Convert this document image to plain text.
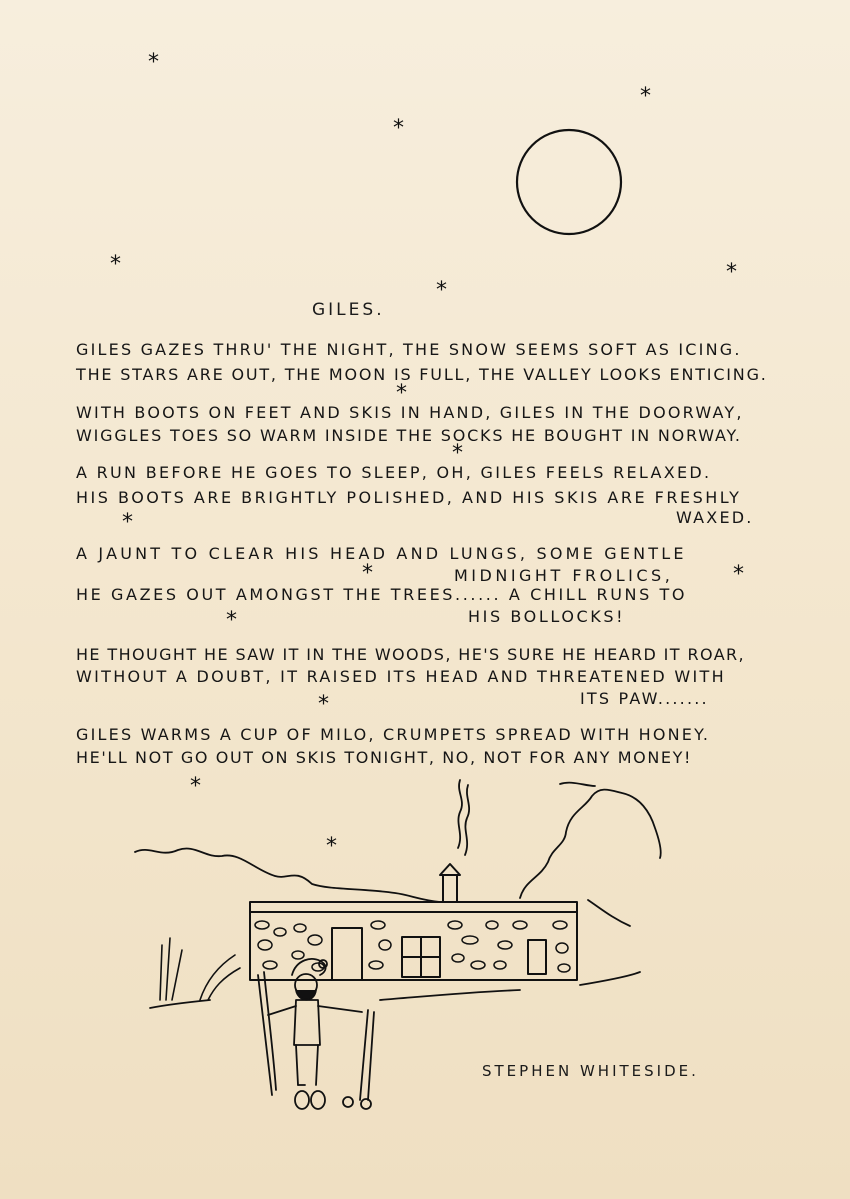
*
*
*
*	*
*
*
*
*
*	*
*
*
*
*
GILES.
GILES GAZES THRU' THE NIGHT, THE SNOW SEEMS SOFT AS ICING.
THE STARS ARE OUT, THE MOON IS FULL, THE VALLEY LOOKS ENTICING.
WITH BOOTS ON FEET AND SKIS IN HAND, GILES IN THE DOORWAY,
WIGGLES TOES SO WARM INSIDE THE SOCKS HE BOUGHT IN NORWAY.
A RUN BEFORE HE GOES TO SLEEP, OH, GILES FEELS RELAXED.
HIS BOOTS ARE BRIGHTLY POLISHED, AND HIS SKIS ARE FRESHLY
WAXED.
A JAUNT TO CLEAR HIS HEAD AND LUNGS, SOME GENTLE
MIDNIGHT FROLICS,
HE GAZES OUT AMONGST THE TREES...... A CHILL RUNS TO
HIS BOLLOCKS!
HE THOUGHT HE SAW IT IN THE WOODS, HE'S SURE HE HEARD IT ROAR,
WITHOUT A DOUBT, IT RAISED ITS HEAD AND THREATENED WITH
ITS PAW.......
GILES WARMS A CUP OF MILO, CRUMPETS SPREAD WITH HONEY.
HE'LL NOT GO OUT ON SKIS TONIGHT, NO, NOT FOR ANY MONEY!
STEPHEN WHITESIDE.
